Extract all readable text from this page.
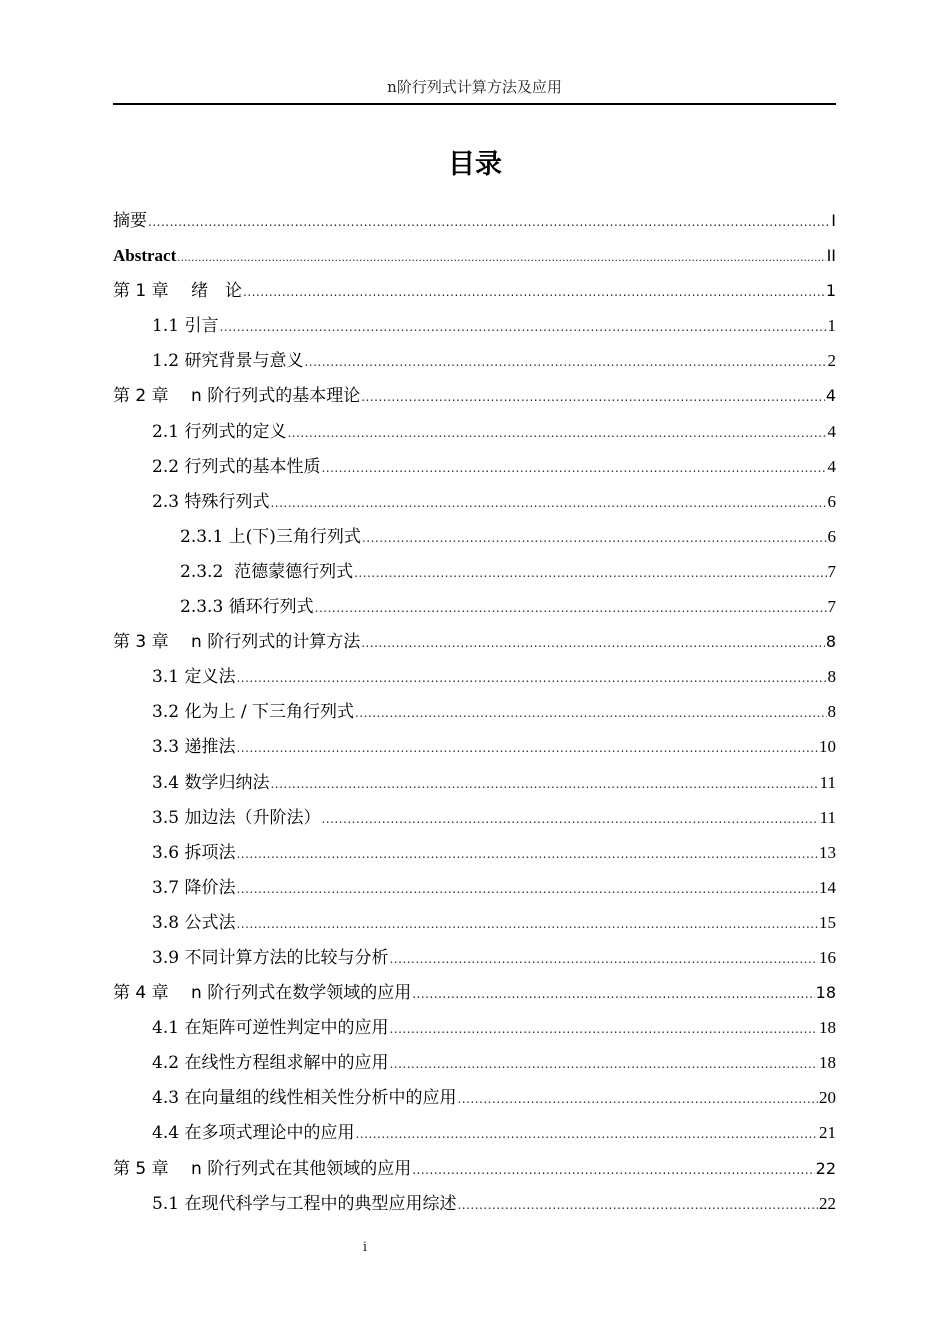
n阶行列式计算方法及应用
目录
摘要 .....	I
Abstract .....	II
第 1 章　 绪　论 .....	1
1.1 引言 .....	1
1.2 研究背景与意义 .....	2
第 2 章　 n 阶行列式的基本理论 .....	4
2.1 行列式的定义 .....	4
2.2 行列式的基本性质 .....	4
2.3 特殊行列式 .....	6
2.3.1 上(下)三角行列式 .....	6
2.3.2  范德蒙德行列式 .....	7
2.3.3 循环行列式 .....	7
第 3 章　 n 阶行列式的计算方法 .....	8
3.1 定义法 .....	8
3.2 化为上 / 下三角行列式 .....	8
3.3 递推法 .....	10
3.4 数学归纳法 .....	11
3.5 加边法（升阶法） .....	11
3.6 拆项法 .....	13
3.7 降价法 .....	14
3.8 公式法 .....	15
3.9 不同计算方法的比较与分析 .....	16
第 4 章　 n 阶行列式在数学领域的应用 .....	18
4.1 在矩阵可逆性判定中的应用 .....	18
4.2 在线性方程组求解中的应用 .....	18
4.3 在向量组的线性相关性分析中的应用 .....	20
4.4 在多项式理论中的应用 .....	21
第 5 章　 n 阶行列式在其他领域的应用 .....	22
5.1 在现代科学与工程中的典型应用综述 .....	22
i
